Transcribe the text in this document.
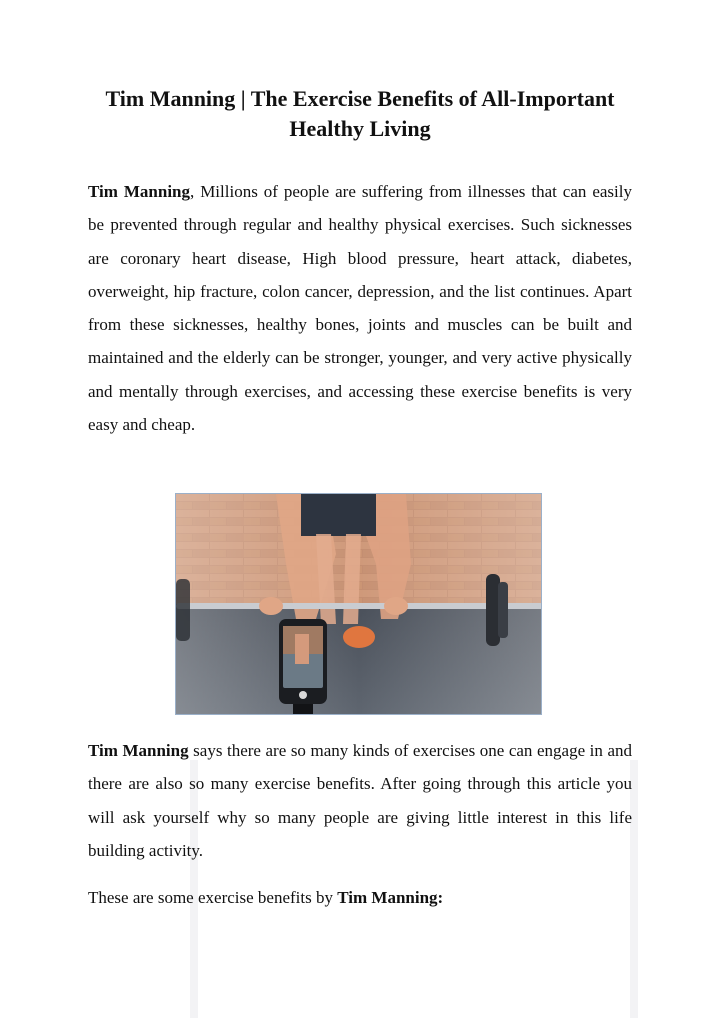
Tim Manning | The Exercise Benefits of All-Important Healthy Living

Tim Manning, Millions of people are suffering from illnesses that can easily be prevented through regular and healthy physical exercises. Such sicknesses are coronary heart disease, High blood pressure, heart attack, diabetes, overweight, hip fracture, colon cancer, depression, and the list continues. Apart from these sicknesses, healthy bones, joints and muscles can be built and maintained and the elderly can be stronger, younger, and very active physically and mentally through exercises, and accessing these exercise benefits is very easy and cheap.

Tim Manning says there are so many kinds of exercises one can engage in and there are also so many exercise benefits. After going through this article you will ask yourself why so many people are giving little interest in this life building activity.

These are some exercise benefits by Tim Manning:
